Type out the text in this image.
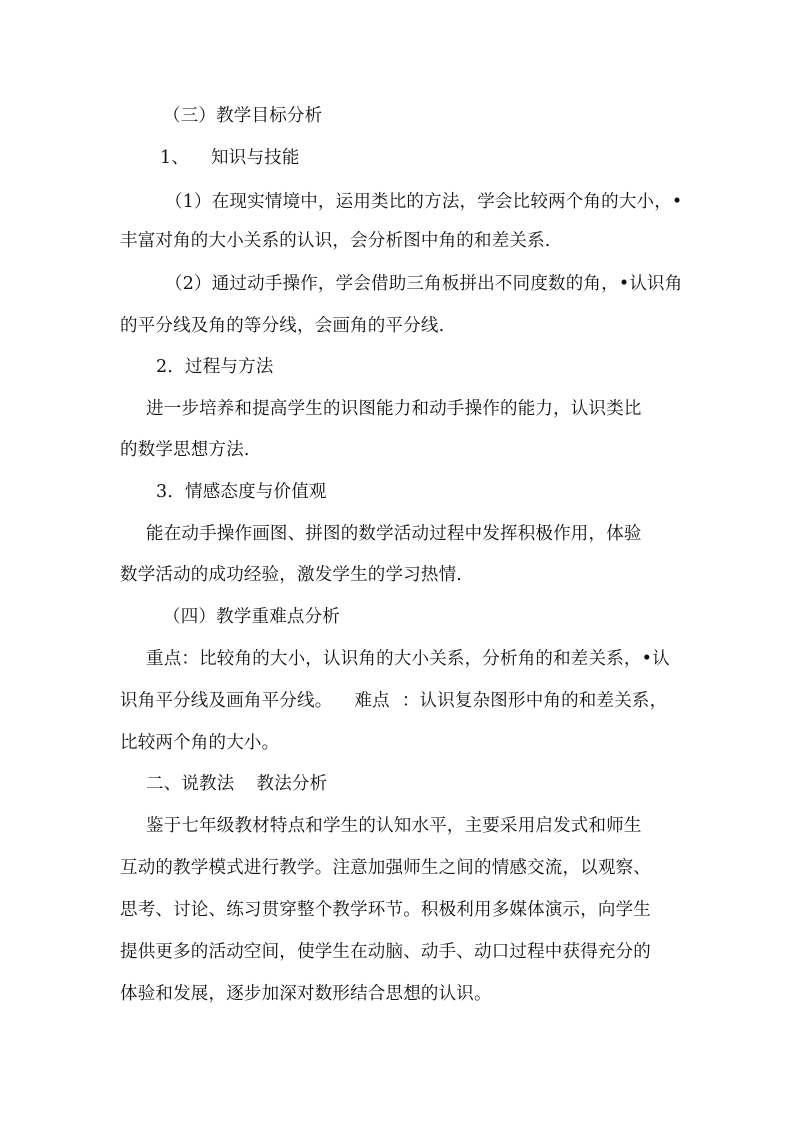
（三）教学目标分析
1、 知识与技能
（1）在现实情境中，运用类比的方法，学会比较两个角的大小，•
丰富对角的大小关系的认识，会分析图中角的和差关系.
（2）通过动手操作，学会借助三角板拼出不同度数的角，•认识角
的平分线及角的等分线，会画角的平分线.
2．过程与方法
进一步培养和提高学生的识图能力和动手操作的能力，认识类比
的数学思想方法.
3．情感态度与价值观
能在动手操作画图、拼图的数学活动过程中发挥积极作用，体验
数学活动的成功经验，激发学生的学习热情.
（四）教学重难点分析
重点：比较角的大小，认识角的大小关系，分析角的和差关系，•认
识角平分线及画角平分线。 难点 ：认识复杂图形中角的和差关系，
比较两个角的大小。
二、说教法 教法分析
鉴于七年级教材特点和学生的认知水平，主要采用启发式和师生
互动的教学模式进行教学。注意加强师生之间的情感交流，以观察、
思考、讨论、练习贯穿整个教学环节。积极利用多媒体演示，向学生
提供更多的活动空间，使学生在动脑、动手、动口过程中获得充分的
体验和发展，逐步加深对数形结合思想的认识。
